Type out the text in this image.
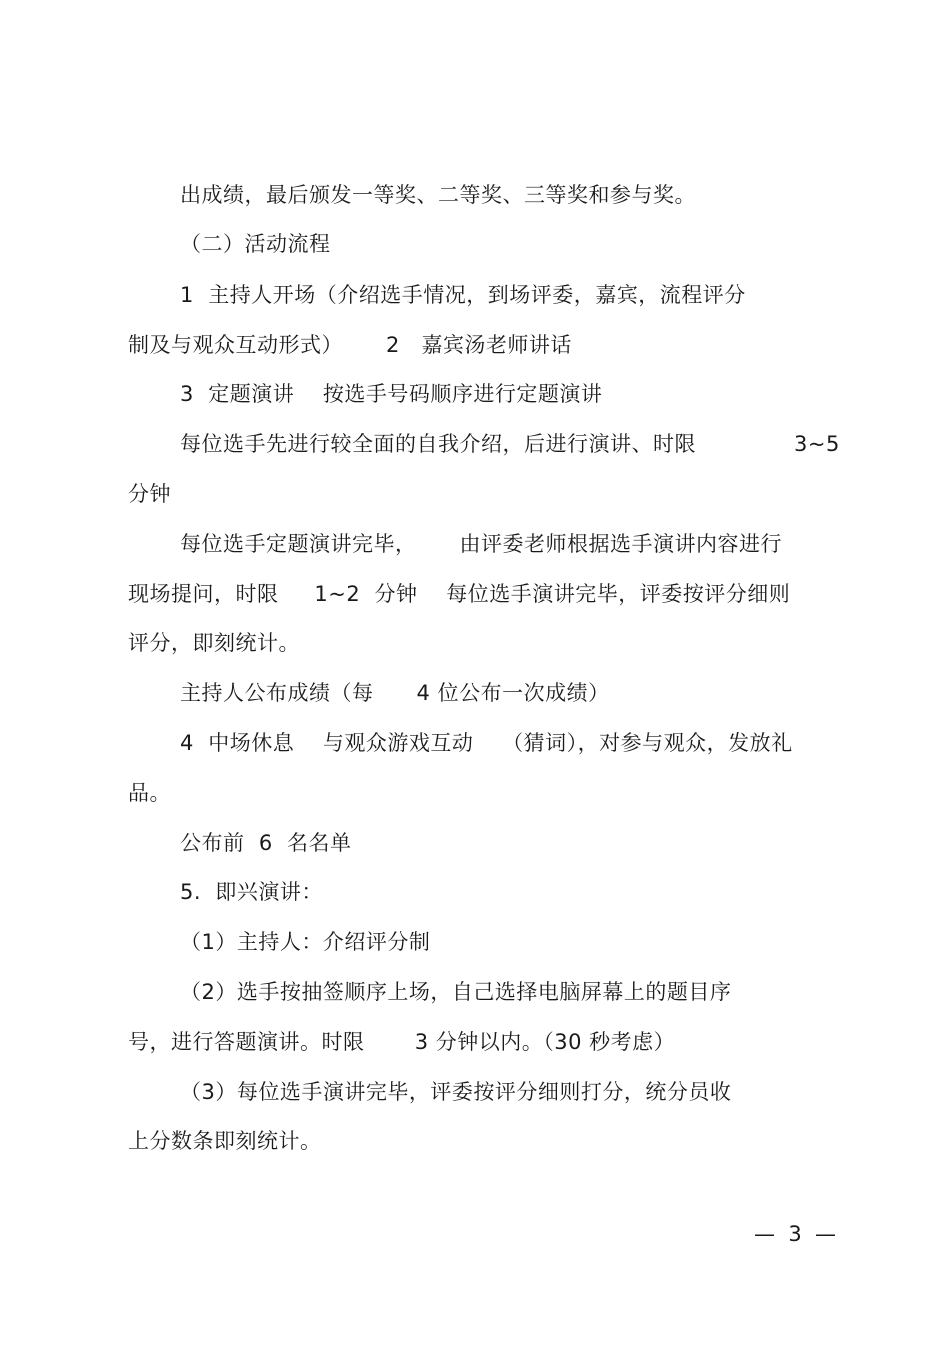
出成绩，最后颁发一等奖、二等奖、三等奖和参与奖。
（二）活动流程
1  主持人开场（介绍选手情况，到场评委，嘉宾，流程评分
制及与观众互动形式）      2   嘉宾汤老师讲话
3  定题演讲    按选手号码顺序进行定题演讲
每位选手先进行较全面的自我介绍，后进行演讲、时限	3~5
分钟
每位选手定题演讲完毕，      由评委老师根据选手演讲内容进行
现场提问，时限     1~2  分钟    每位选手演讲完毕，评委按评分细则
评分，即刻统计。
主持人公布成绩（每      4 位公布一次成绩）
4  中场休息    与观众游戏互动    （猜词），对参与观众，发放礼
品。
公布前  6  名名单
5.  即兴演讲：
（1）主持人：介绍评分制
（2）选手按抽签顺序上场，自己选择电脑屏幕上的题目序
号，进行答题演讲。时限       3 分钟以内。（30 秒考虑）
（3）每位选手演讲完毕，评委按评分细则打分，统分员收
上分数条即刻统计。
—  3  —
